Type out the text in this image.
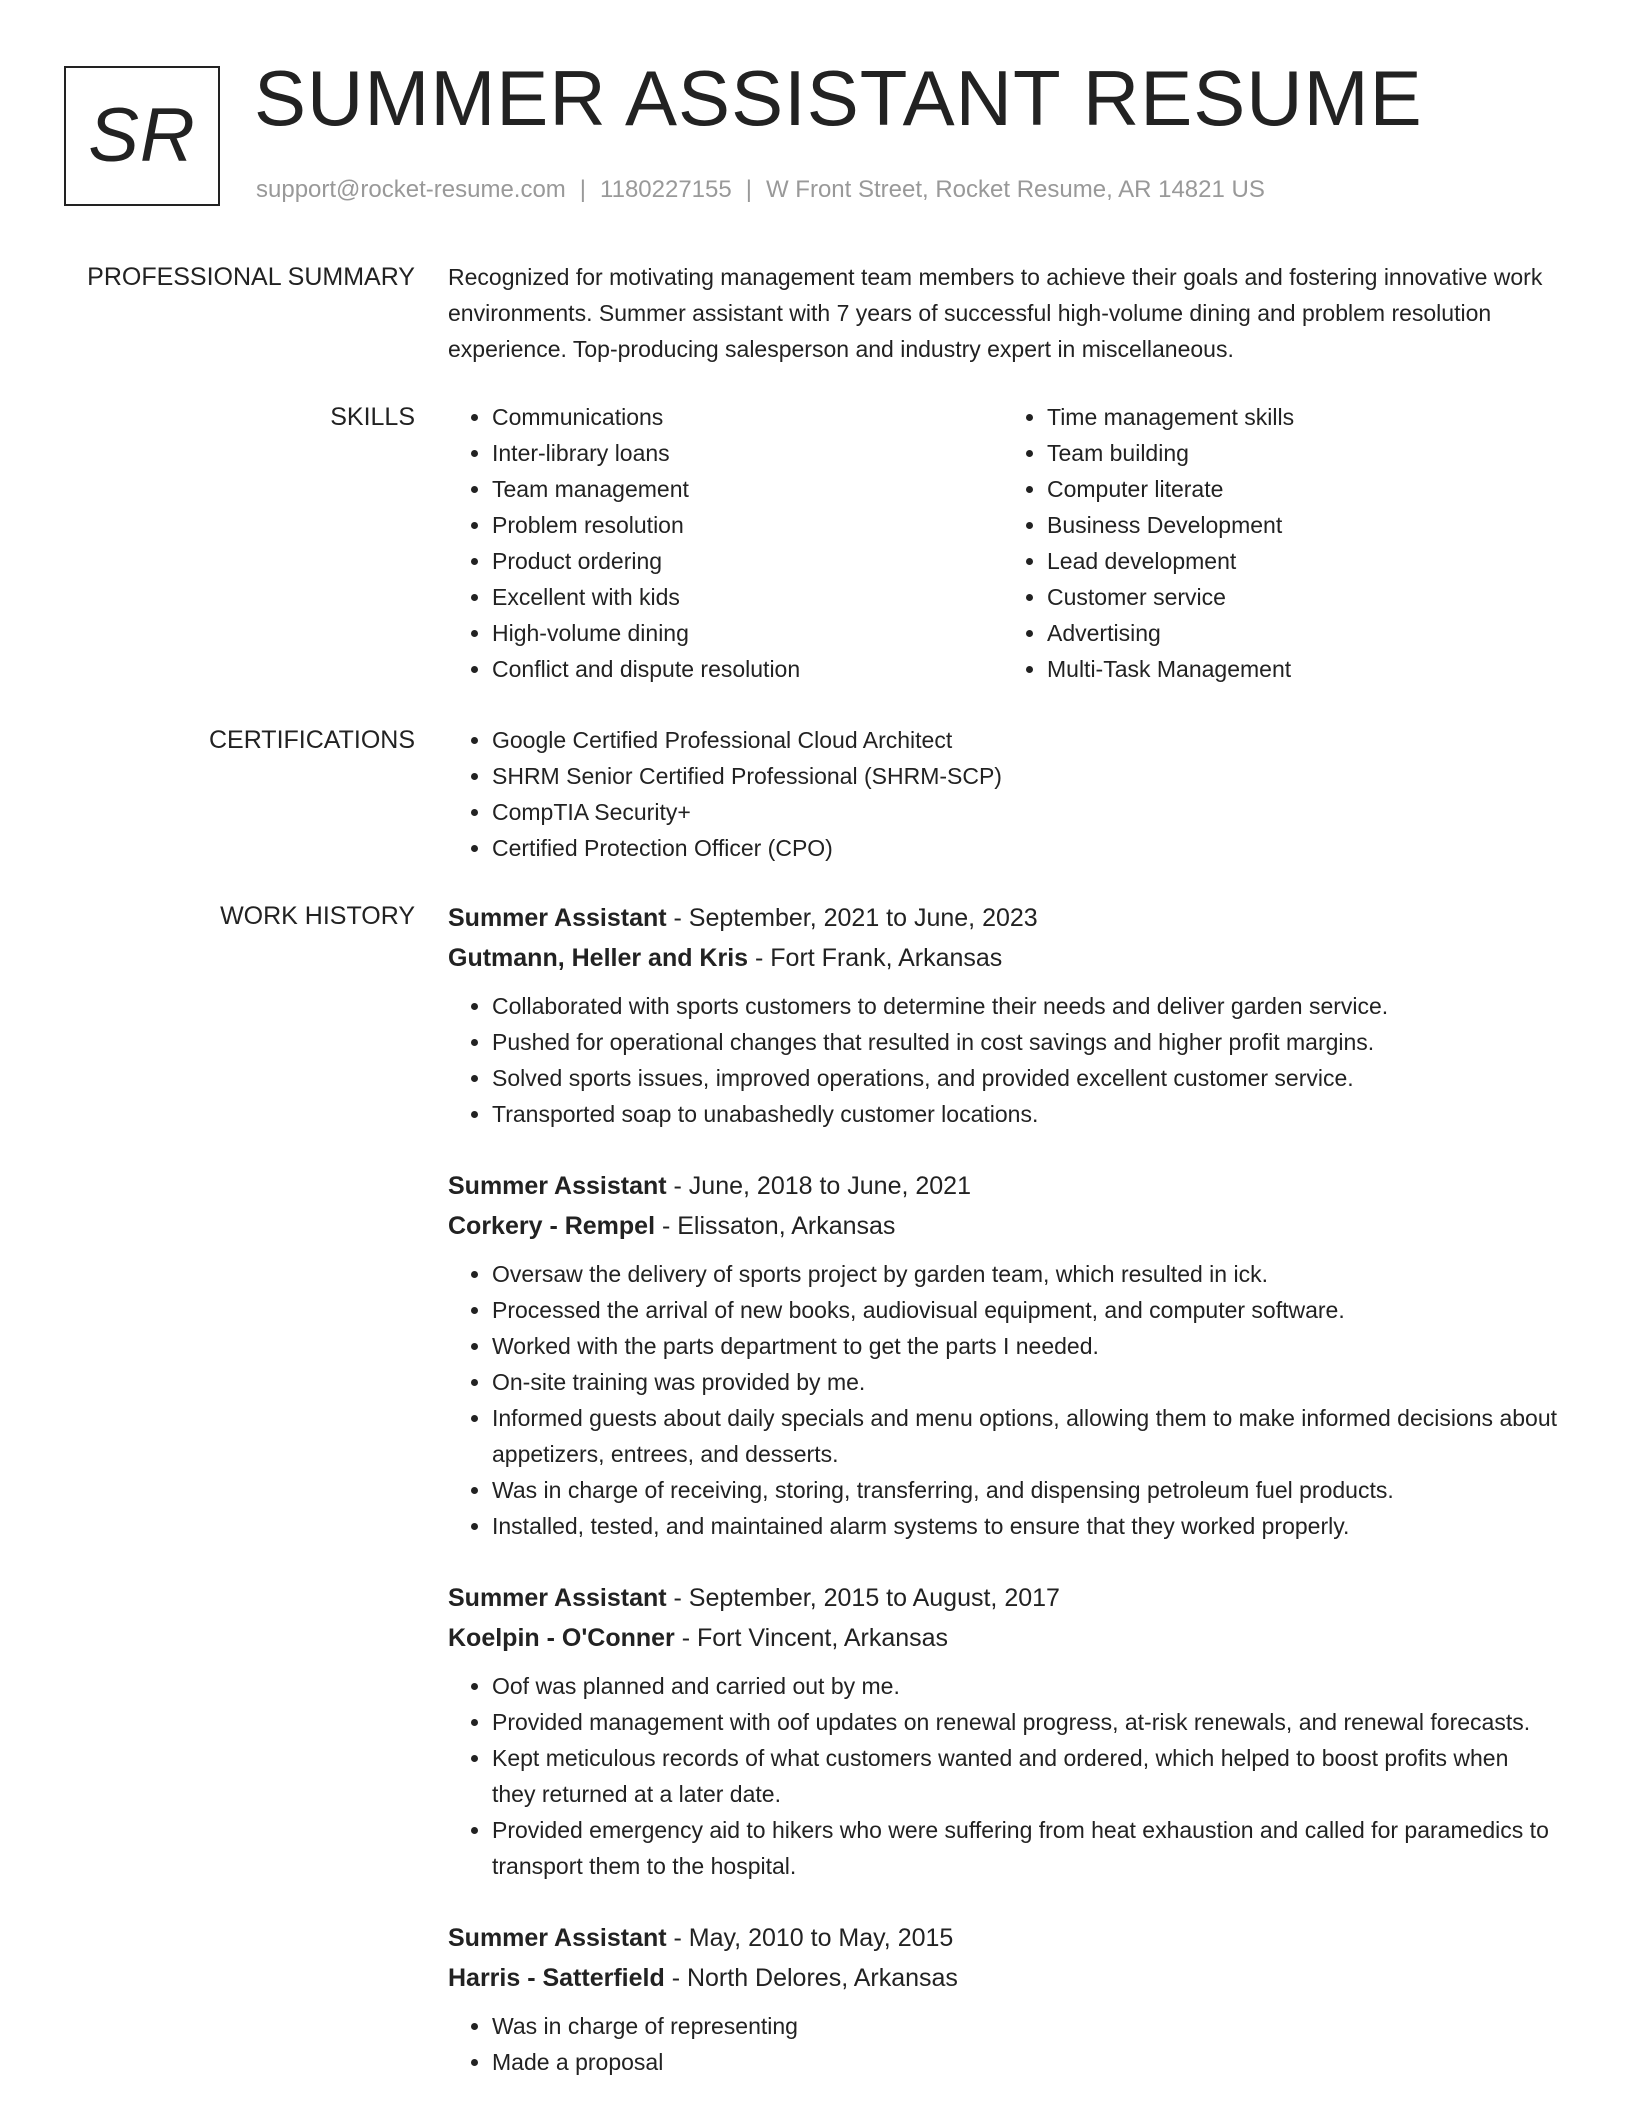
SR SUMMER ASSISTANT RESUME
support@rocket-resume.com | 1180227155 | W Front Street, Rocket Resume, AR 14821 US
PROFESSIONAL SUMMARY Recognized for motivating management team members to achieve their goals and fostering innovative work environments. Summer assistant with 7 years of successful high-volume dining and problem resolution experience. Top-producing salesperson and industry expert in miscellaneous.
SKILLS	• Communications
• Inter-library loans
• Team management
• Problem resolution
• Product ordering
• Excellent with kids
• High-volume dining
• Conflict and dispute resolution
• Time management skills
• Team building
• Computer literate
• Business Development
• Lead development
• Customer service
• Advertising
• Multi-Task Management
CERTIFICATIONS	• Google Certified Professional Cloud Architect
• SHRM Senior Certified Professional (SHRM-SCP)
• CompTIA Security+
• Certified Protection Officer (CPO)
WORK HISTORY Summer Assistant - September, 2021 to June, 2023
Gutmann, Heller and Kris - Fort Frank, Arkansas
• Collaborated with sports customers to determine their needs and deliver garden service.
• Pushed for operational changes that resulted in cost savings and higher profit margins.
• Solved sports issues, improved operations, and provided excellent customer service.
• Transported soap to unabashedly customer locations.
Summer Assistant - June, 2018 to June, 2021
Corkery - Rempel - Elissaton, Arkansas
• Oversaw the delivery of sports project by garden team, which resulted in ick.
• Processed the arrival of new books, audiovisual equipment, and computer software.
• Worked with the parts department to get the parts I needed.
• On-site training was provided by me.
• Informed guests about daily specials and menu options, allowing them to make informed decisions about appetizers, entrees, and desserts.
• Was in charge of receiving, storing, transferring, and dispensing petroleum fuel products.
• Installed, tested, and maintained alarm systems to ensure that they worked properly.
Summer Assistant - September, 2015 to August, 2017
Koelpin - O'Conner - Fort Vincent, Arkansas
• Oof was planned and carried out by me.
• Provided management with oof updates on renewal progress, at-risk renewals, and renewal forecasts.
• Kept meticulous records of what customers wanted and ordered, which helped to boost profits when they returned at a later date.
• Provided emergency aid to hikers who were suffering from heat exhaustion and called for paramedics to transport them to the hospital.
Summer Assistant - May, 2010 to May, 2015
Harris - Satterfield - North Delores, Arkansas
• Was in charge of representing
• Made a proposal
